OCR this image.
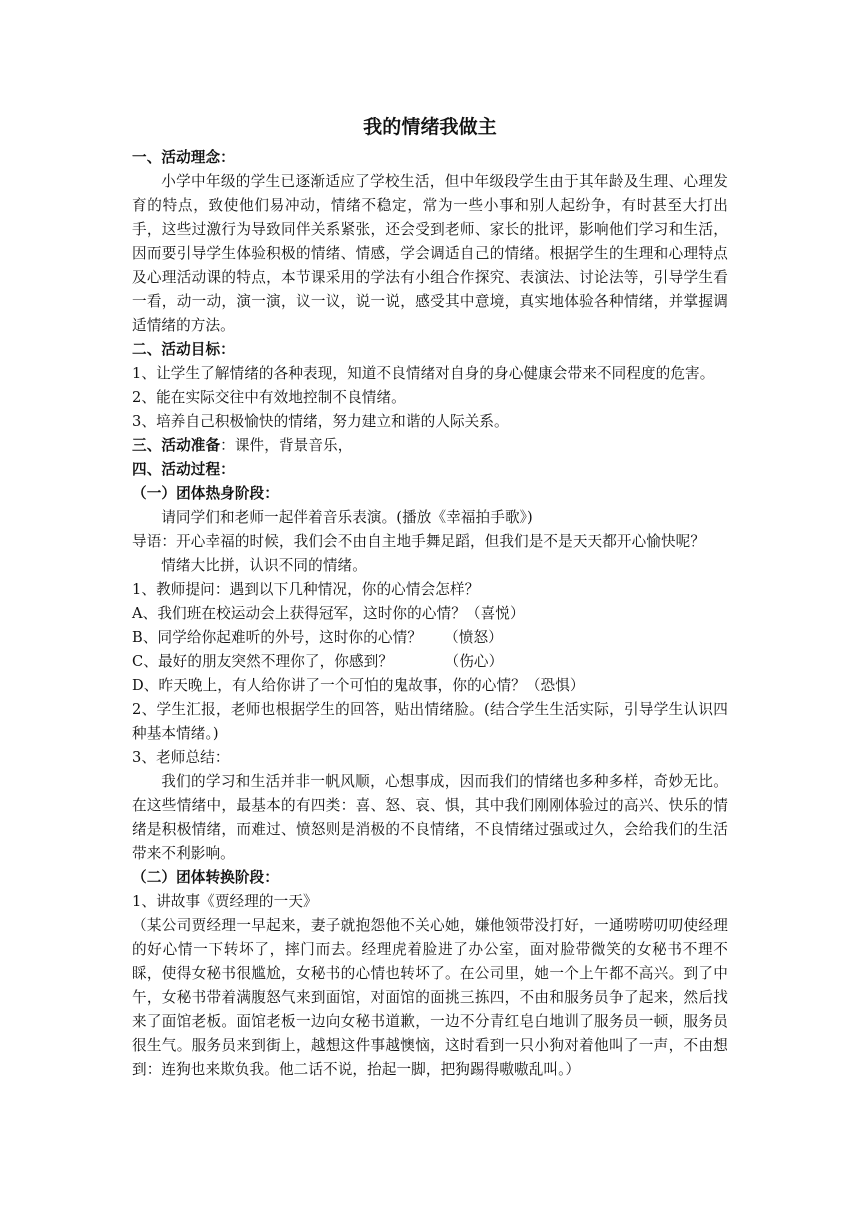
我的情绪我做主

一、活动理念：

小学中年级的学生已逐渐适应了学校生活，但中年级段学生由于其年龄及生理、心理发育的特点，致使他们易冲动，情绪不稳定，常为一些小事和别人起纷争，有时甚至大打出手，这些过激行为导致同伴关系紧张，还会受到老师、家长的批评，影响他们学习和生活，因而要引导学生体验积极的情绪、情感，学会调适自己的情绪。根据学生的生理和心理特点及心理活动课的特点，本节课采用的学法有小组合作探究、表演法、讨论法等，引导学生看一看，动一动，演一演，议一议，说一说，感受其中意境，真实地体验各种情绪，并掌握调适情绪的方法。

二、活动目标：

1、让学生了解情绪的各种表现，知道不良情绪对自身的身心健康会带来不同程度的危害。

2、能在实际交往中有效地控制不良情绪。

3、培养自己积极愉快的情绪，努力建立和谐的人际关系。

三、活动准备：课件，背景音乐，

四、活动过程：

（一）团体热身阶段：

请同学们和老师一起伴着音乐表演。(播放《幸福拍手歌》)

导语：开心幸福的时候，我们会不由自主地手舞足蹈，但我们是不是天天都开心愉快呢？

情绪大比拼，认识不同的情绪。

1、教师提问：遇到以下几种情况，你的心情会怎样？

A、我们班在校运动会上获得冠军，这时你的心情？（喜悦）

B、同学给你起难听的外号，这时你的心情？　　（愤怒）

C、最好的朋友突然不理你了，你感到？　　　　（伤心）

D、昨天晚上，有人给你讲了一个可怕的鬼故事，你的心情？（恐惧）

2、学生汇报，老师也根据学生的回答，贴出情绪脸。(结合学生生活实际，引导学生认识四种基本情绪。)

3、老师总结：

我们的学习和生活并非一帆风顺，心想事成，因而我们的情绪也多种多样，奇妙无比。在这些情绪中，最基本的有四类：喜、怒、哀、惧，其中我们刚刚体验过的高兴、快乐的情绪是积极情绪，而难过、愤怒则是消极的不良情绪，不良情绪过强或过久，会给我们的生活带来不利影响。

（二）团体转换阶段：

1、讲故事《贾经理的一天》

（某公司贾经理一早起来，妻子就抱怨他不关心她，嫌他领带没打好，一通唠唠叨叨使经理的好心情一下转坏了，摔门而去。经理虎着脸进了办公室，面对脸带微笑的女秘书不理不睬，使得女秘书很尴尬，女秘书的心情也转坏了。在公司里，她一个上午都不高兴。到了中午，女秘书带着满腹怒气来到面馆，对面馆的面挑三拣四，不由和服务员争了起来，然后找来了面馆老板。面馆老板一边向女秘书道歉，一边不分青红皂白地训了服务员一顿，服务员很生气。服务员来到街上，越想这件事越懊恼，这时看到一只小狗对着他叫了一声，不由想到：连狗也来欺负我。他二话不说，抬起一脚，把狗踢得嗷嗷乱叫。）
